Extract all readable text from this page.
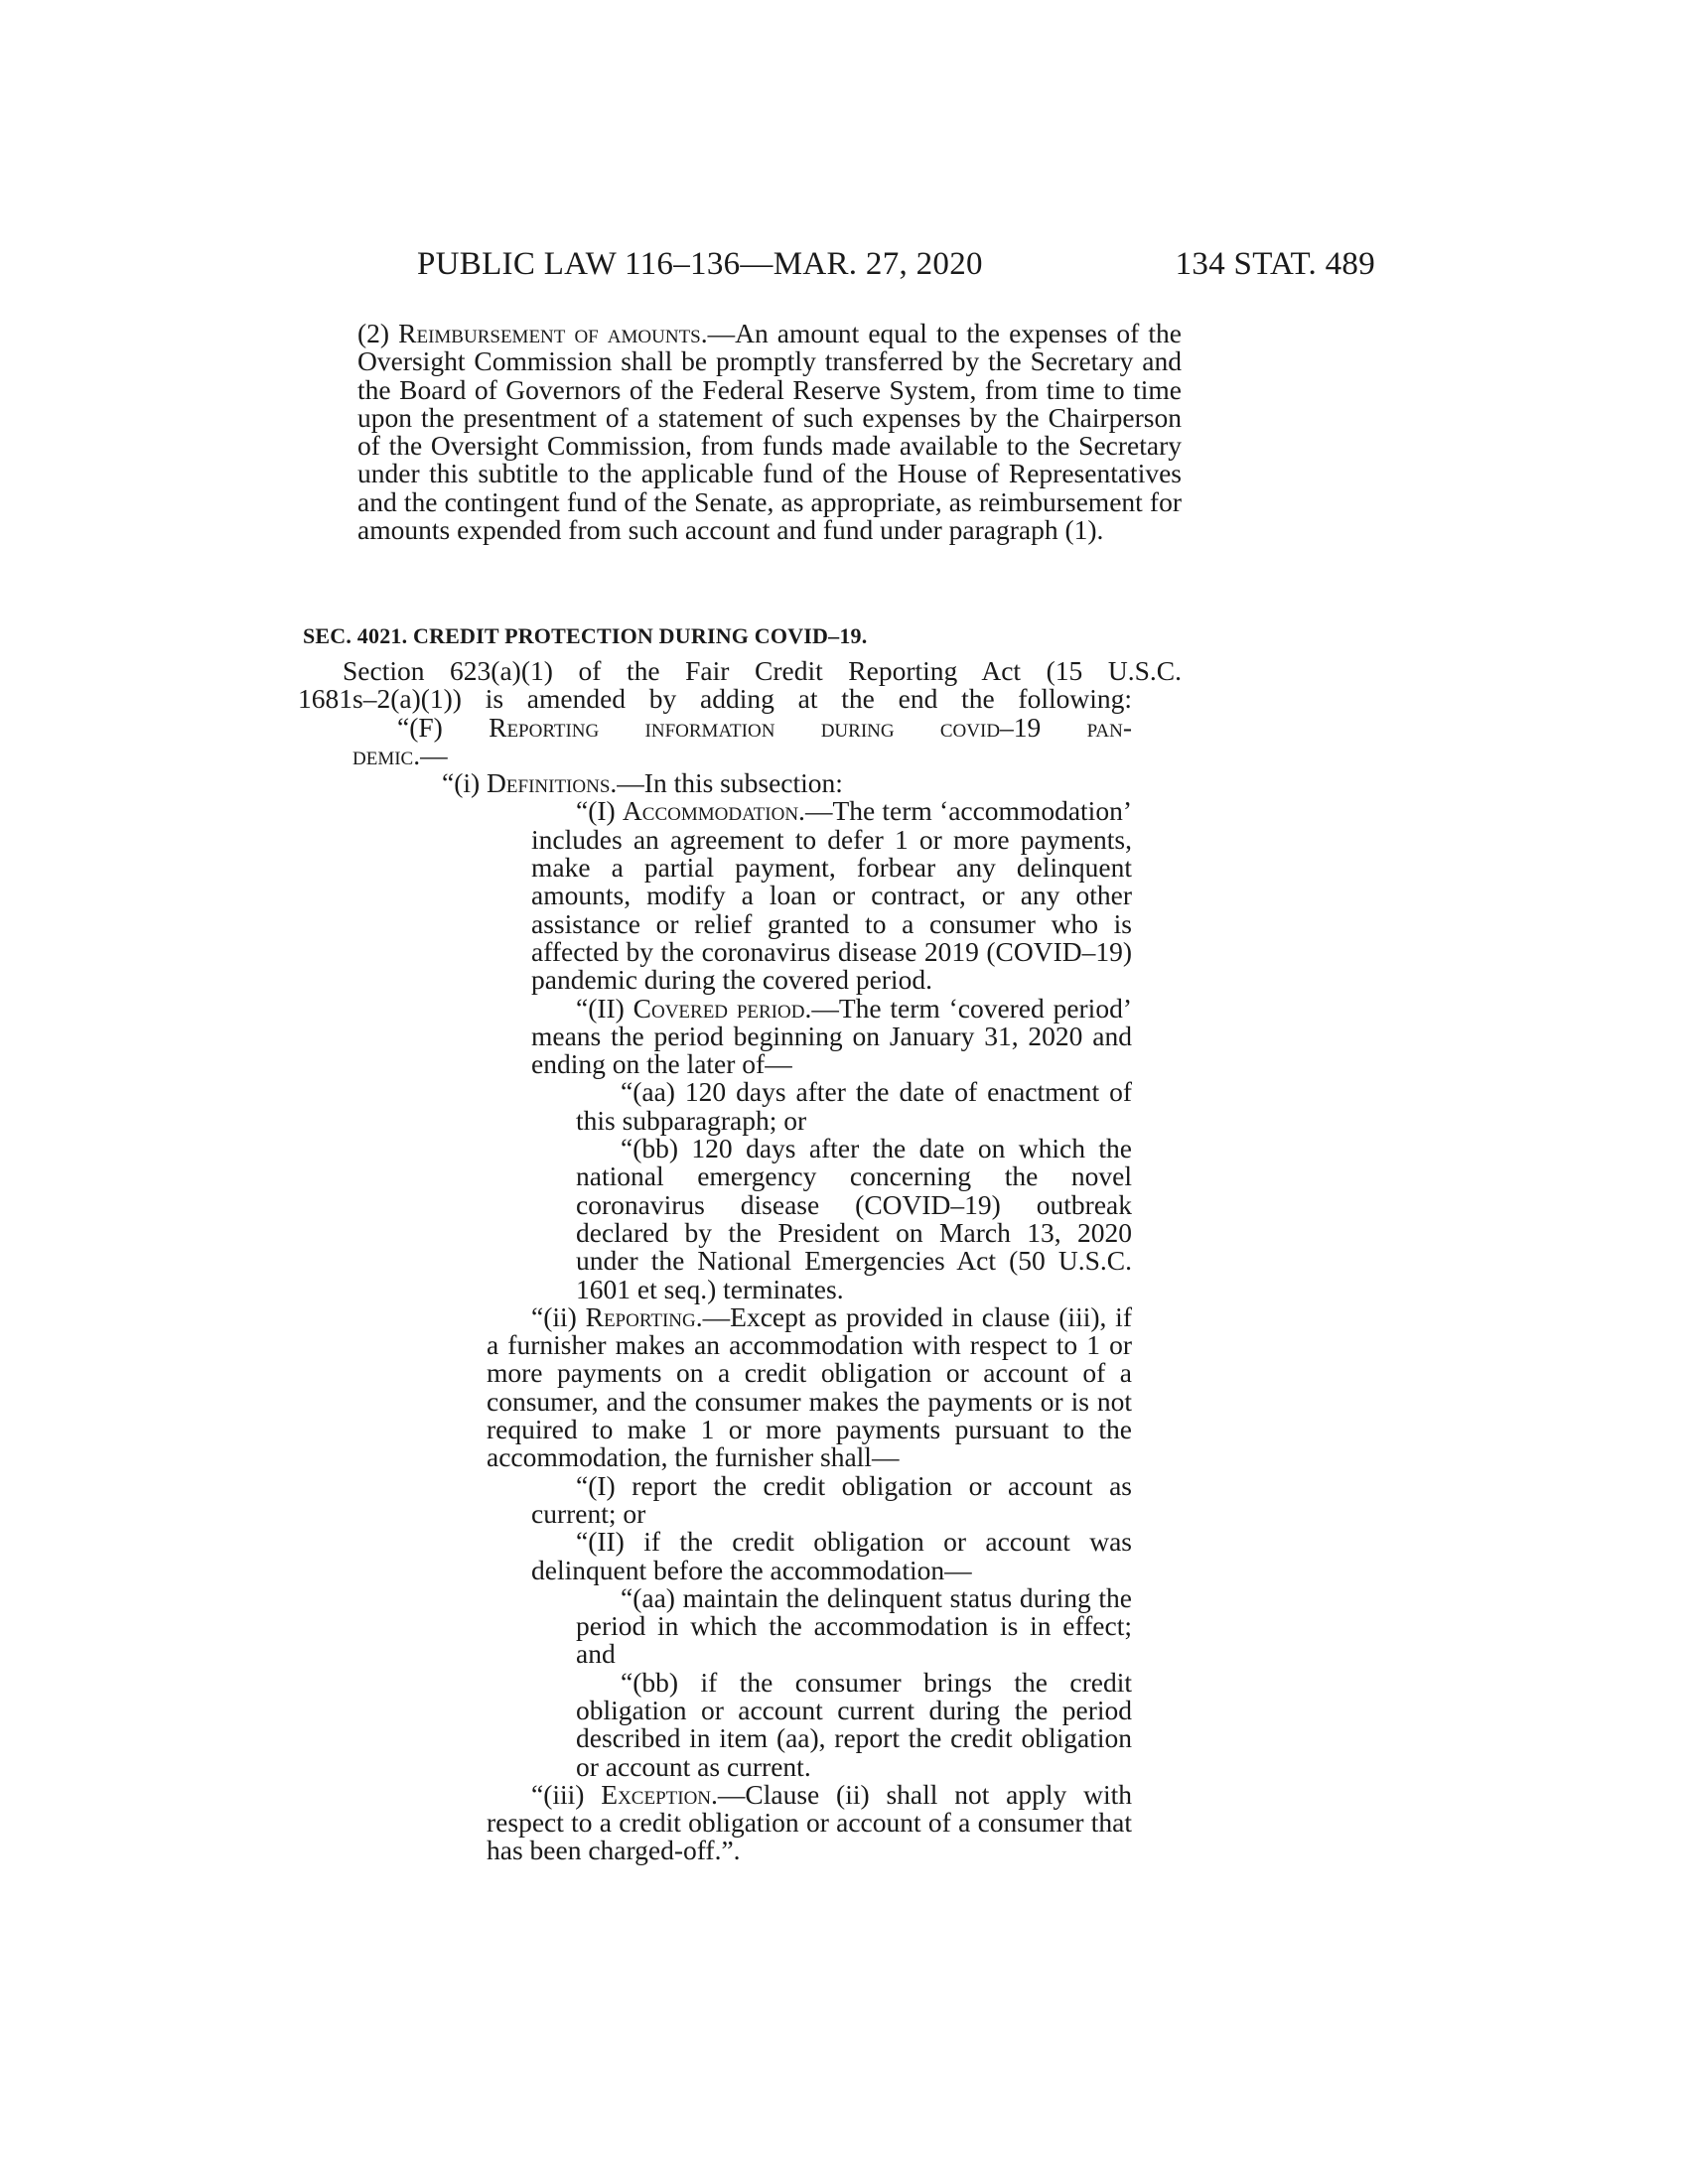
PUBLIC LAW 116–136—MAR. 27, 2020	134 STAT. 489

(2) Reimbursement of amounts.—An amount equal to the expenses of the Oversight Commission shall be promptly transferred by the Secretary and the Board of Governors of the Federal Reserve System, from time to time upon the presentment of a statement of such expenses by the Chairperson of the Oversight Commission, from funds made available to the Secretary under this subtitle to the applicable fund of the House of Representatives and the contingent fund of the Senate, as appropriate, as reimbursement for amounts expended from such account and fund under paragraph (1).

SEC. 4021. CREDIT PROTECTION DURING COVID–19.
Section 623(a)(1) of the Fair Credit Reporting Act (15 U.S.C.
1681s–2(a)(1)) is amended by adding at the end the following:
“(F) Reporting information during covid–19 pan-
demic.—
“(i) Definitions.—In this subsection:

“(I) Accommodation.—The term ‘accommodation’ includes an agreement to defer 1 or more payments, make a partial payment, forbear any delinquent amounts, modify a loan or contract, or any other assistance or relief granted to a consumer who is affected by the coronavirus disease 2019 (COVID–19) pandemic during the covered period.

“(II) Covered period.—The term ‘covered period’ means the period beginning on January 31, 2020 and ending on the later of—

“(aa) 120 days after the date of enactment of this subparagraph; or

“(bb) 120 days after the date on which the national emergency concerning the novel coronavirus disease (COVID–19) outbreak declared by the President on March 13, 2020 under the National Emergencies Act (50 U.S.C. 1601 et seq.) terminates.

“(ii) Reporting.—Except as provided in clause (iii), if a furnisher makes an accommodation with respect to 1 or more payments on a credit obligation or account of a consumer, and the consumer makes the payments or is not required to make 1 or more payments pursuant to the accommodation, the furnisher shall—

“(I) report the credit obligation or account as current; or

“(II) if the credit obligation or account was delinquent before the accommodation—

“(aa) maintain the delinquent status during the period in which the accommodation is in effect; and

“(bb) if the consumer brings the credit obligation or account current during the period described in item (aa), report the credit obligation or account as current.

“(iii) Exception.—Clause (ii) shall not apply with respect to a credit obligation or account of a consumer that has been charged-off.”.
